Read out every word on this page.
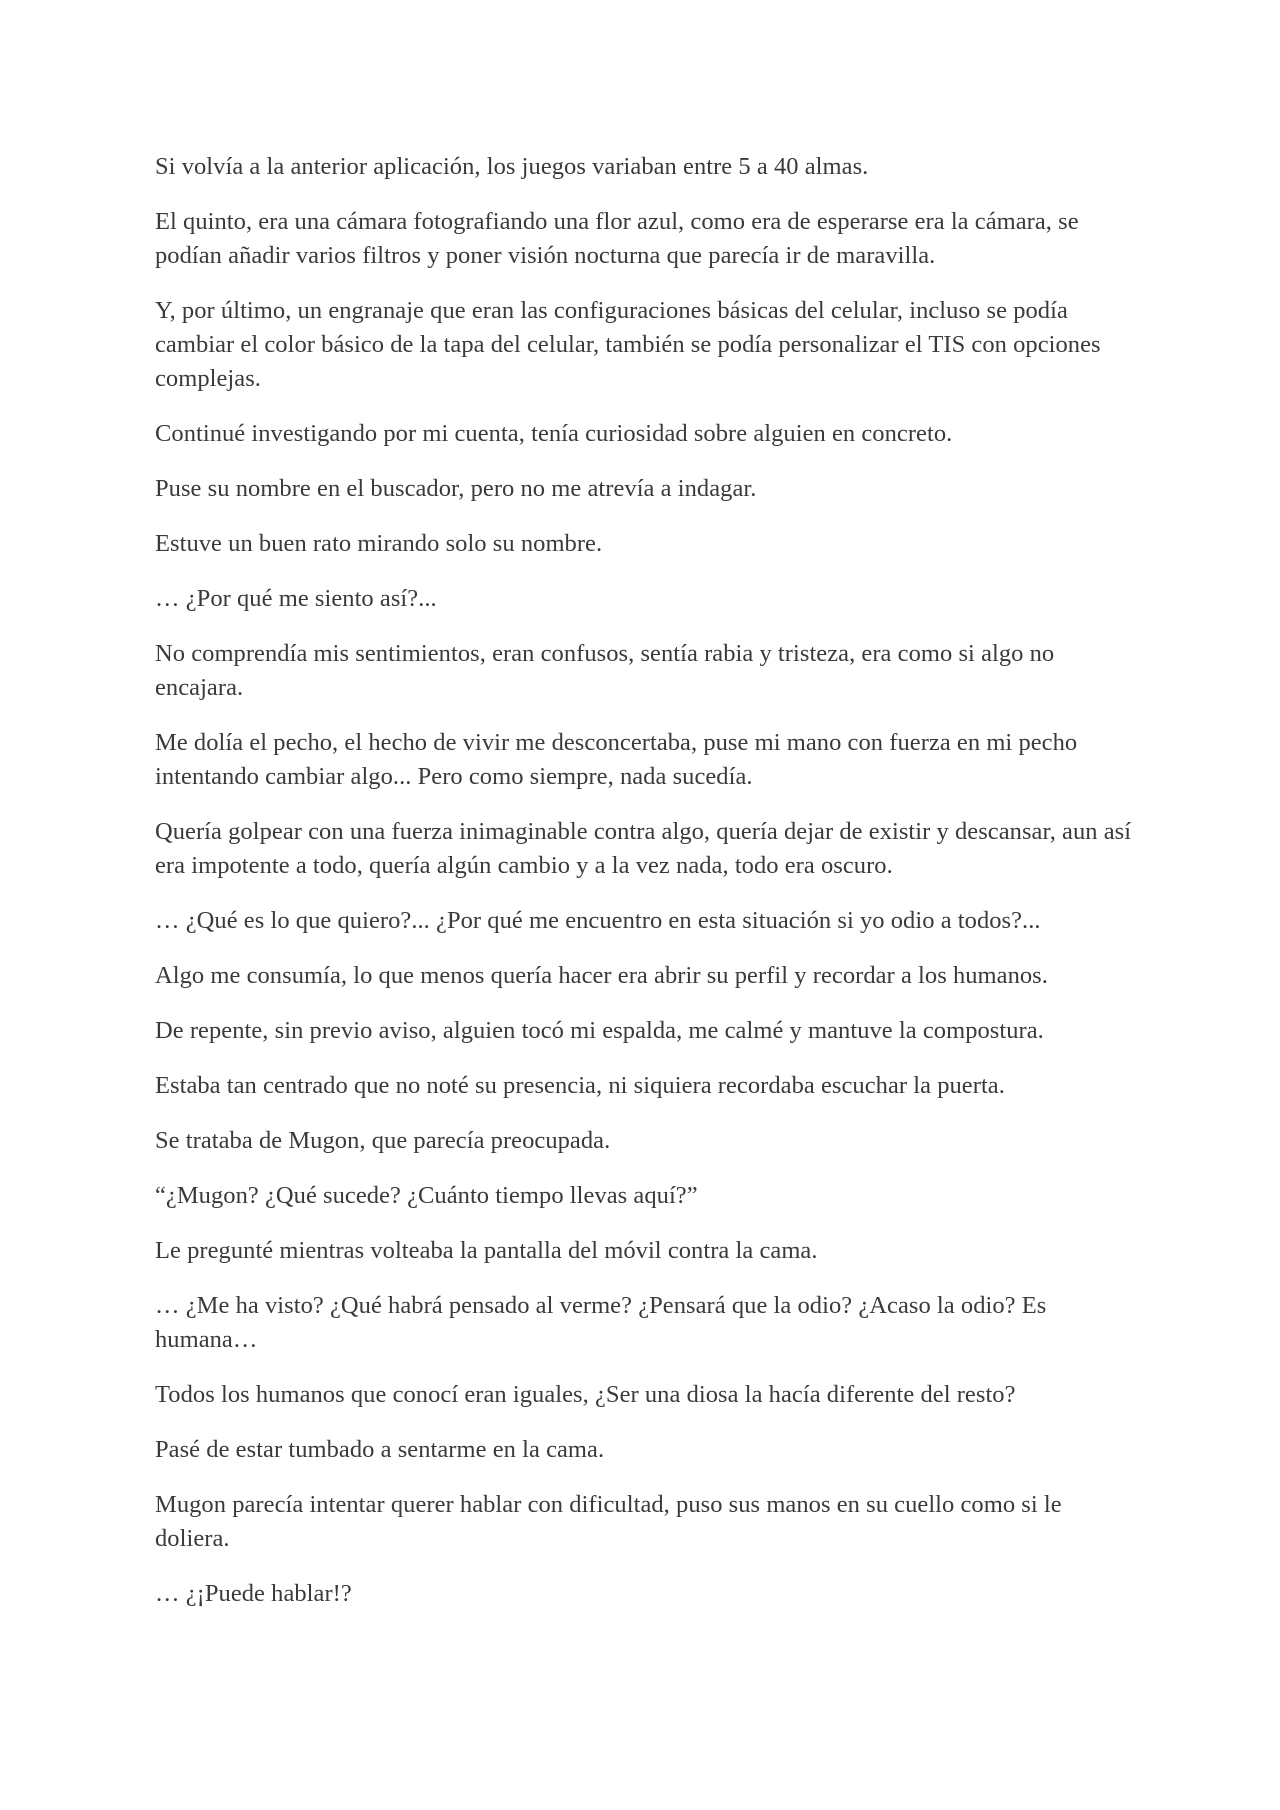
Si volvía a la anterior aplicación, los juegos variaban entre 5 a 40 almas.

El quinto, era una cámara fotografiando una flor azul, como era de esperarse era la cámara, se podían añadir varios filtros y poner visión nocturna que parecía ir de maravilla.

Y, por último, un engranaje que eran las configuraciones básicas del celular, incluso se podía cambiar el color básico de la tapa del celular, también se podía personalizar el TIS con opciones complejas.

Continué investigando por mi cuenta, tenía curiosidad sobre alguien en concreto.

Puse su nombre en el buscador, pero no me atrevía a indagar.

Estuve un buen rato mirando solo su nombre.

… ¿Por qué me siento así?...

No comprendía mis sentimientos, eran confusos, sentía rabia y tristeza, era como si algo no encajara.

Me dolía el pecho, el hecho de vivir me desconcertaba, puse mi mano con fuerza en mi pecho intentando cambiar algo... Pero como siempre, nada sucedía.

Quería golpear con una fuerza inimaginable contra algo, quería dejar de existir y descansar, aun así era impotente a todo, quería algún cambio y a la vez nada, todo era oscuro.

… ¿Qué es lo que quiero?... ¿Por qué me encuentro en esta situación si yo odio a todos?...

Algo me consumía, lo que menos quería hacer era abrir su perfil y recordar a los humanos.

De repente, sin previo aviso, alguien tocó mi espalda, me calmé y mantuve la compostura.

Estaba tan centrado que no noté su presencia, ni siquiera recordaba escuchar la puerta.

Se trataba de Mugon, que parecía preocupada.

“¿Mugon? ¿Qué sucede? ¿Cuánto tiempo llevas aquí?”

Le pregunté mientras volteaba la pantalla del móvil contra la cama.

… ¿Me ha visto? ¿Qué habrá pensado al verme? ¿Pensará que la odio? ¿Acaso la odio? Es humana…

Todos los humanos que conocí eran iguales, ¿Ser una diosa la hacía diferente del resto?

Pasé de estar tumbado a sentarme en la cama.

Mugon parecía intentar querer hablar con dificultad, puso sus manos en su cuello como si le doliera.

… ¿¡Puede hablar!?
